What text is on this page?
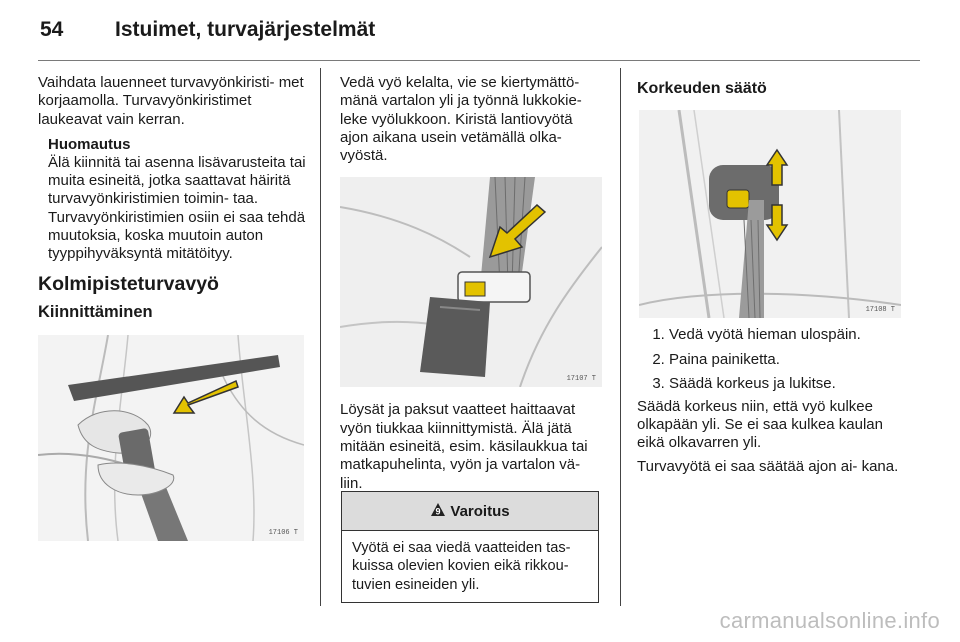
54 Istuimet, turvajärjestelmät

Vaihdata lauenneet turvavyönkiristi- met korjaamolla. Turvavyönkiristimet laukeavat vain kerran.

Huomautus

Älä kiinnitä tai asenna lisävarusteita tai muita esineitä, jotka saattavat häiritä turvavyönkiristimien toimin- taa. Turvavyönkiristimien osiin ei saa tehdä muutoksia, koska muutoin auton tyyppihyväksyntä mitätöityy.

Kolmipisteturvavyö
Kiinnittäminen
17106 T

Vedä vyö kelalta, vie se kiertymättö- mänä vartalon yli ja työnnä lukkokie- leke vyölukkoon. Kiristä lantiovyötä ajon aikana usein vetämällä olka- vyöstä.

17107 T

Löysät ja paksut vaatteet haittaavat vyön tiukkaa kiinnittymistä. Älä jätä mitään esineitä, esim. käsilaukkua tai matkapuhelinta, vyön ja vartalon vä- liin.

9 Varoitus
Vyötä ei saa viedä vaatteiden tas- kuissa olevien kovien eikä rikkou- tuvien esineiden yli.
Korkeuden säätö
17108 T
1. Vedä vyötä hieman ulospäin.
2. Paina painiketta.
3. Säädä korkeus ja lukitse.

Säädä korkeus niin, että vyö kulkee olkapään yli. Se ei saa kulkea kaulan eikä olkavarren yli.

Turvavyötä ei saa säätää ajon ai- kana.

carmanualsonline.info
